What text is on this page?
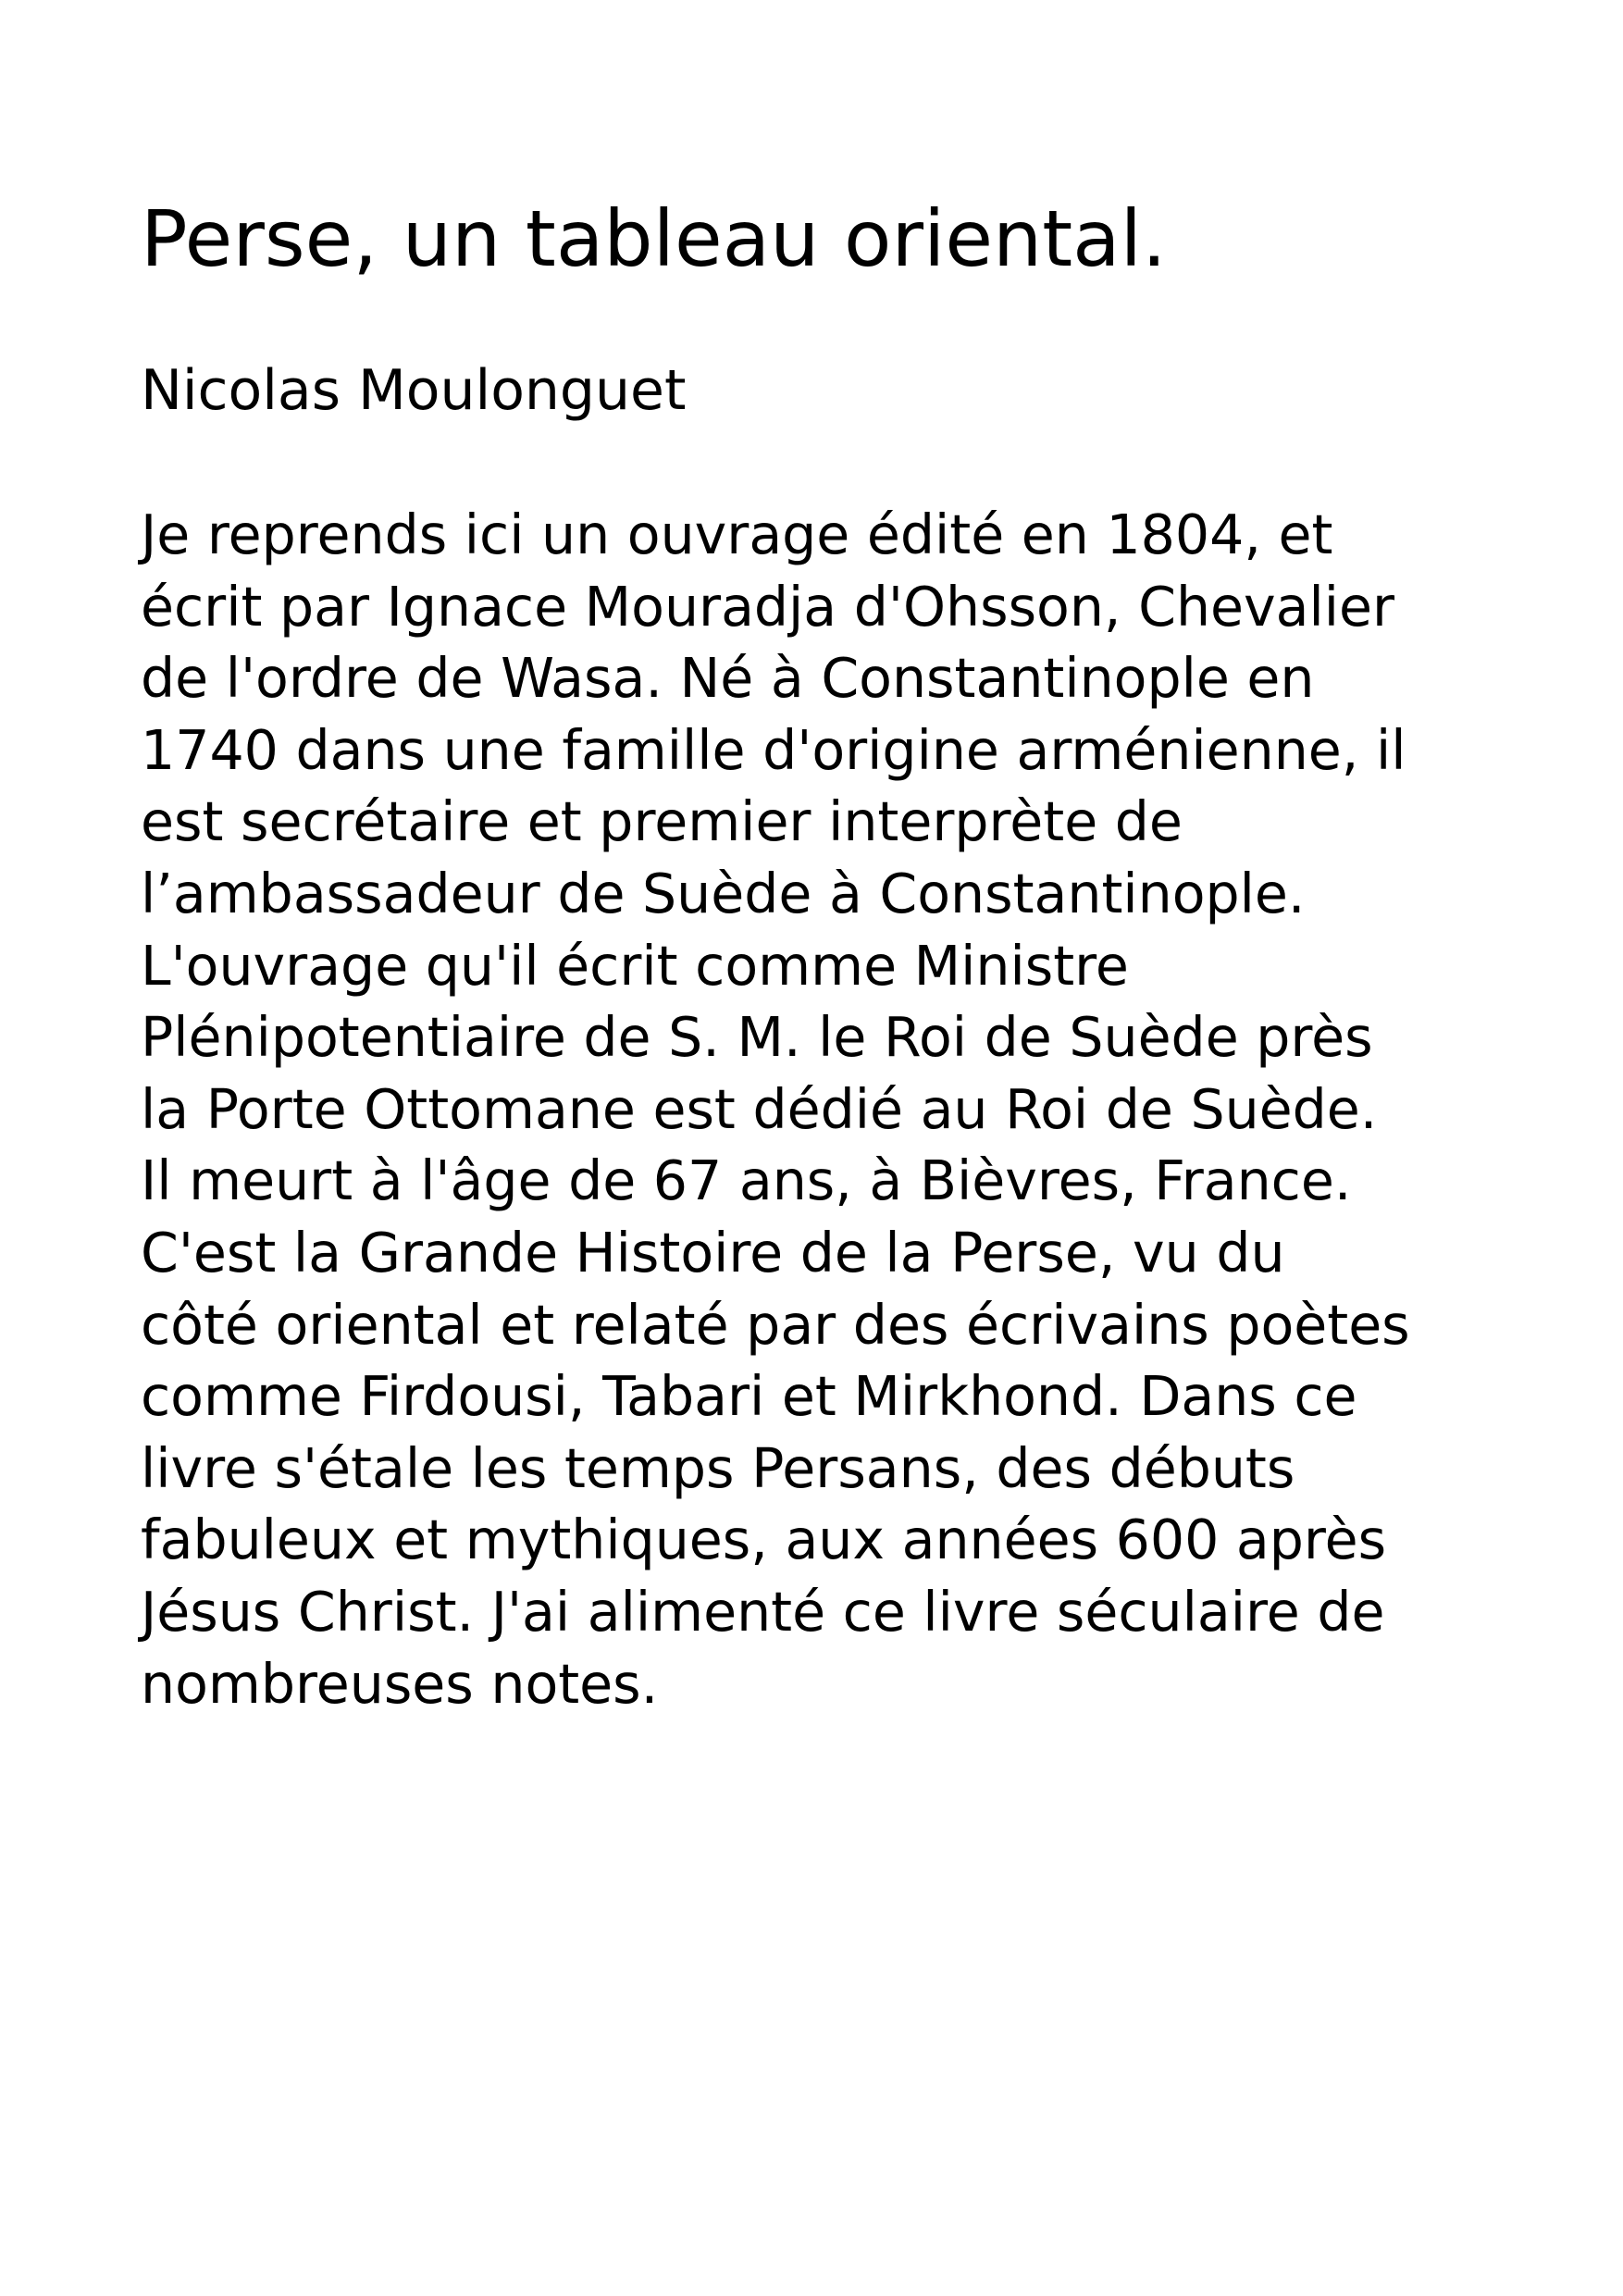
Perse, un tableau oriental.

Nicolas Moulonguet

Je reprends ici un ouvrage édité en 1804, et
écrit par Ignace Mouradja d'Ohsson, Chevalier
de l'ordre de Wasa. Né à Constantinople en
1740 dans une famille d'origine arménienne, il
est secrétaire et premier interprète de
l’ambassadeur de Suède à Constantinople.
L'ouvrage qu'il écrit comme Ministre
Plénipotentiaire de S. M. le Roi de Suède près
la Porte Ottomane est dédié au Roi de Suède.
Il meurt à l'âge de 67 ans, à Bièvres, France.
C'est la Grande Histoire de la Perse, vu du
côté oriental et relaté par des écrivains poètes
comme Firdousi, Tabari et Mirkhond. Dans ce
livre s'étale les temps Persans, des débuts
fabuleux et mythiques, aux années 600 après
Jésus Christ. J'ai alimenté ce livre séculaire de
nombreuses notes.
